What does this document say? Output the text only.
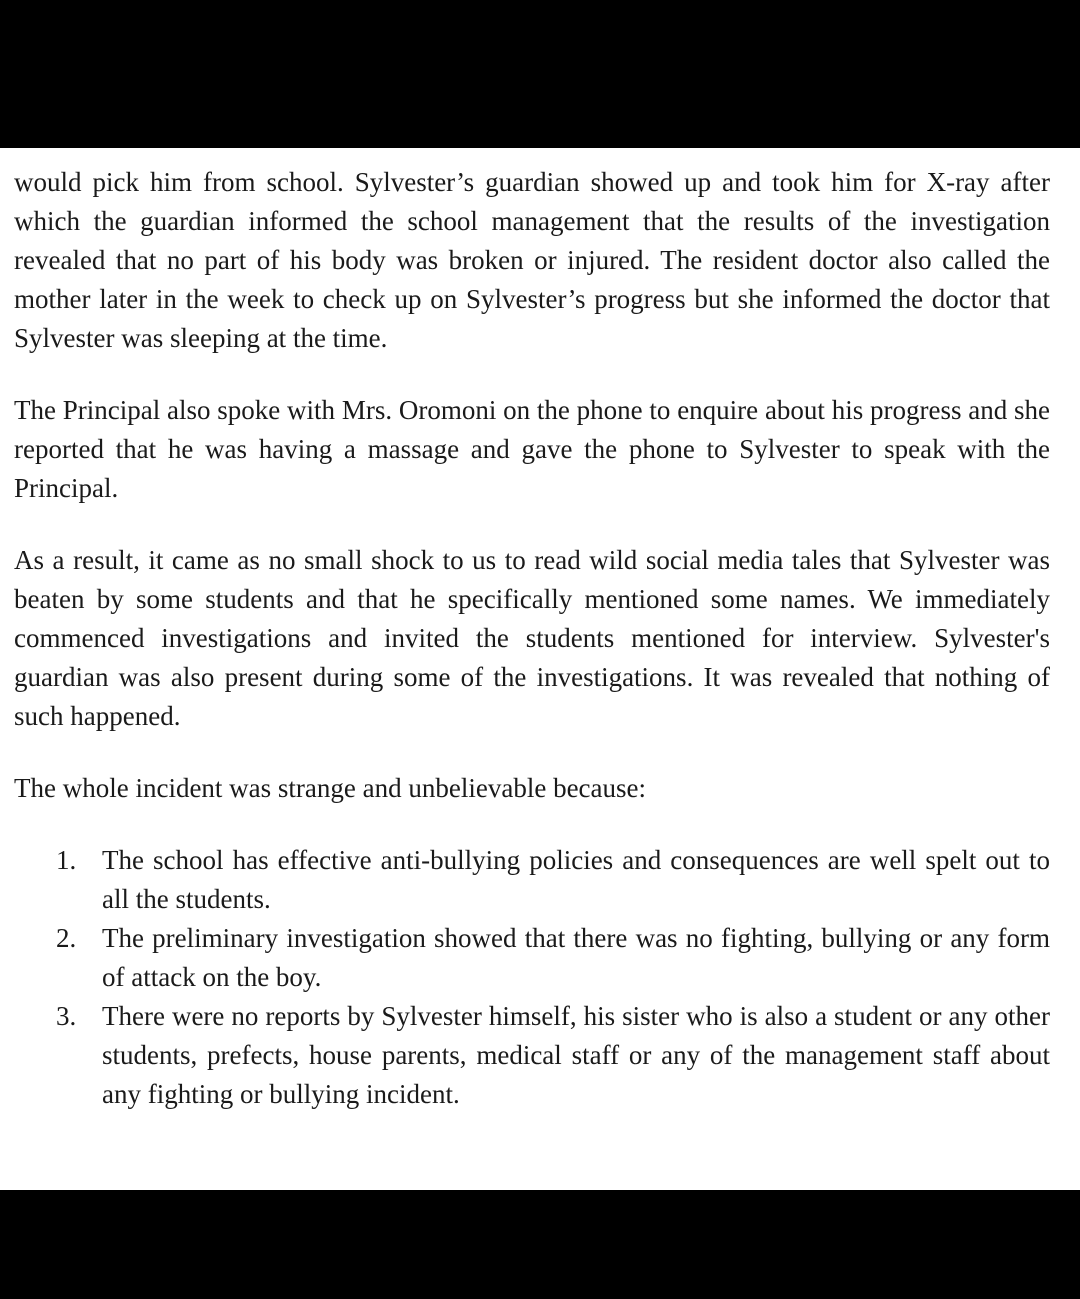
would pick him from school. Sylvester’s guardian showed up and took him for X-ray after which the guardian informed the school management that the results of the investigation revealed that no part of his body was broken or injured. The resident doctor also called the mother later in the week to check up on Sylvester’s progress but she informed the doctor that Sylvester was sleeping at the time.

The Principal also spoke with Mrs. Oromoni on the phone to enquire about his progress and she reported that he was having a massage and gave the phone to Sylvester to speak with the Principal.

As a result, it came as no small shock to us to read wild social media tales that Sylvester was beaten by some students and that he specifically mentioned some names. We immediately commenced investigations and invited the students mentioned for interview. Sylvester's guardian was also present during some of the investigations. It was revealed that nothing of such happened.

The whole incident was strange and unbelievable because:

1. The school has effective anti-bullying policies and consequences are well spelt out to all the students.
2. The preliminary investigation showed that there was no fighting, bullying or any form of attack on the boy.
3. There were no reports by Sylvester himself, his sister who is also a student or any other students, prefects, house parents, medical staff or any of the management staff about any fighting or bullying incident.
